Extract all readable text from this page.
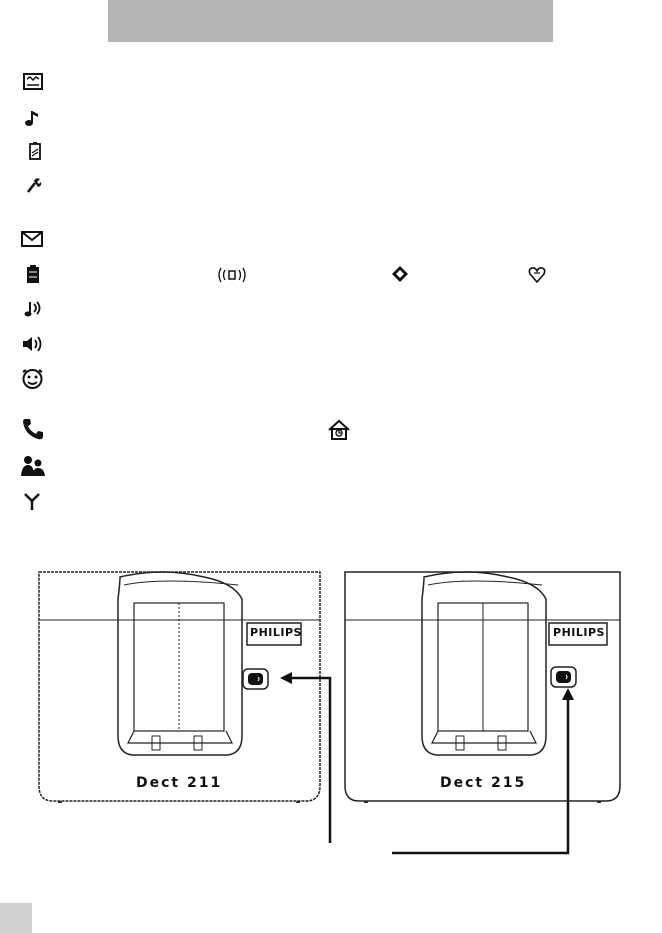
PHILIPS
Dect 211
PHILIPS
Dect 215
